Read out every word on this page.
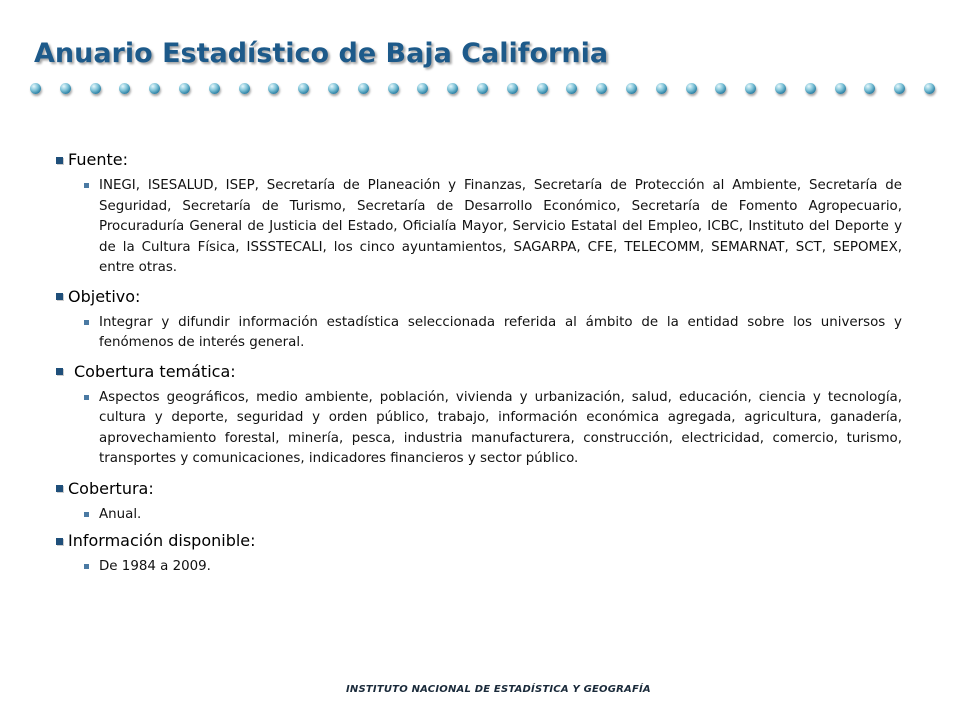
Anuario Estadístico de Baja California
Fuente:
INEGI, ISESALUD, ISEP, Secretaría de Planeación y Finanzas, Secretaría de Protección al Ambiente, Secretaría de Seguridad, Secretaría de Turismo, Secretaría de Desarrollo Económico, Secretaría de Fomento Agropecuario, Procuraduría General de Justicia del Estado, Oficialía Mayor, Servicio Estatal del Empleo, ICBC, Instituto del Deporte y de la Cultura Física, ISSSTECALI, los cinco ayuntamientos, SAGARPA, CFE, TELECOMM, SEMARNAT, SCT, SEPOMEX, entre otras.
Objetivo:
Integrar y difundir información estadística seleccionada referida al ámbito de la entidad sobre los universos y fenómenos de interés general.
Cobertura temática:
Aspectos geográficos, medio ambiente, población, vivienda y urbanización, salud, educación, ciencia y tecnología, cultura y deporte, seguridad y orden público, trabajo, información económica agregada, agricultura, ganadería, aprovechamiento forestal, minería, pesca, industria manufacturera, construcción, electricidad, comercio, turismo, transportes y comunicaciones, indicadores financieros y sector público.
Cobertura:
Anual.
Información disponible:
De 1984 a 2009.
INSTITUTO NACIONAL DE ESTADÍSTICA Y GEOGRAFÍA
